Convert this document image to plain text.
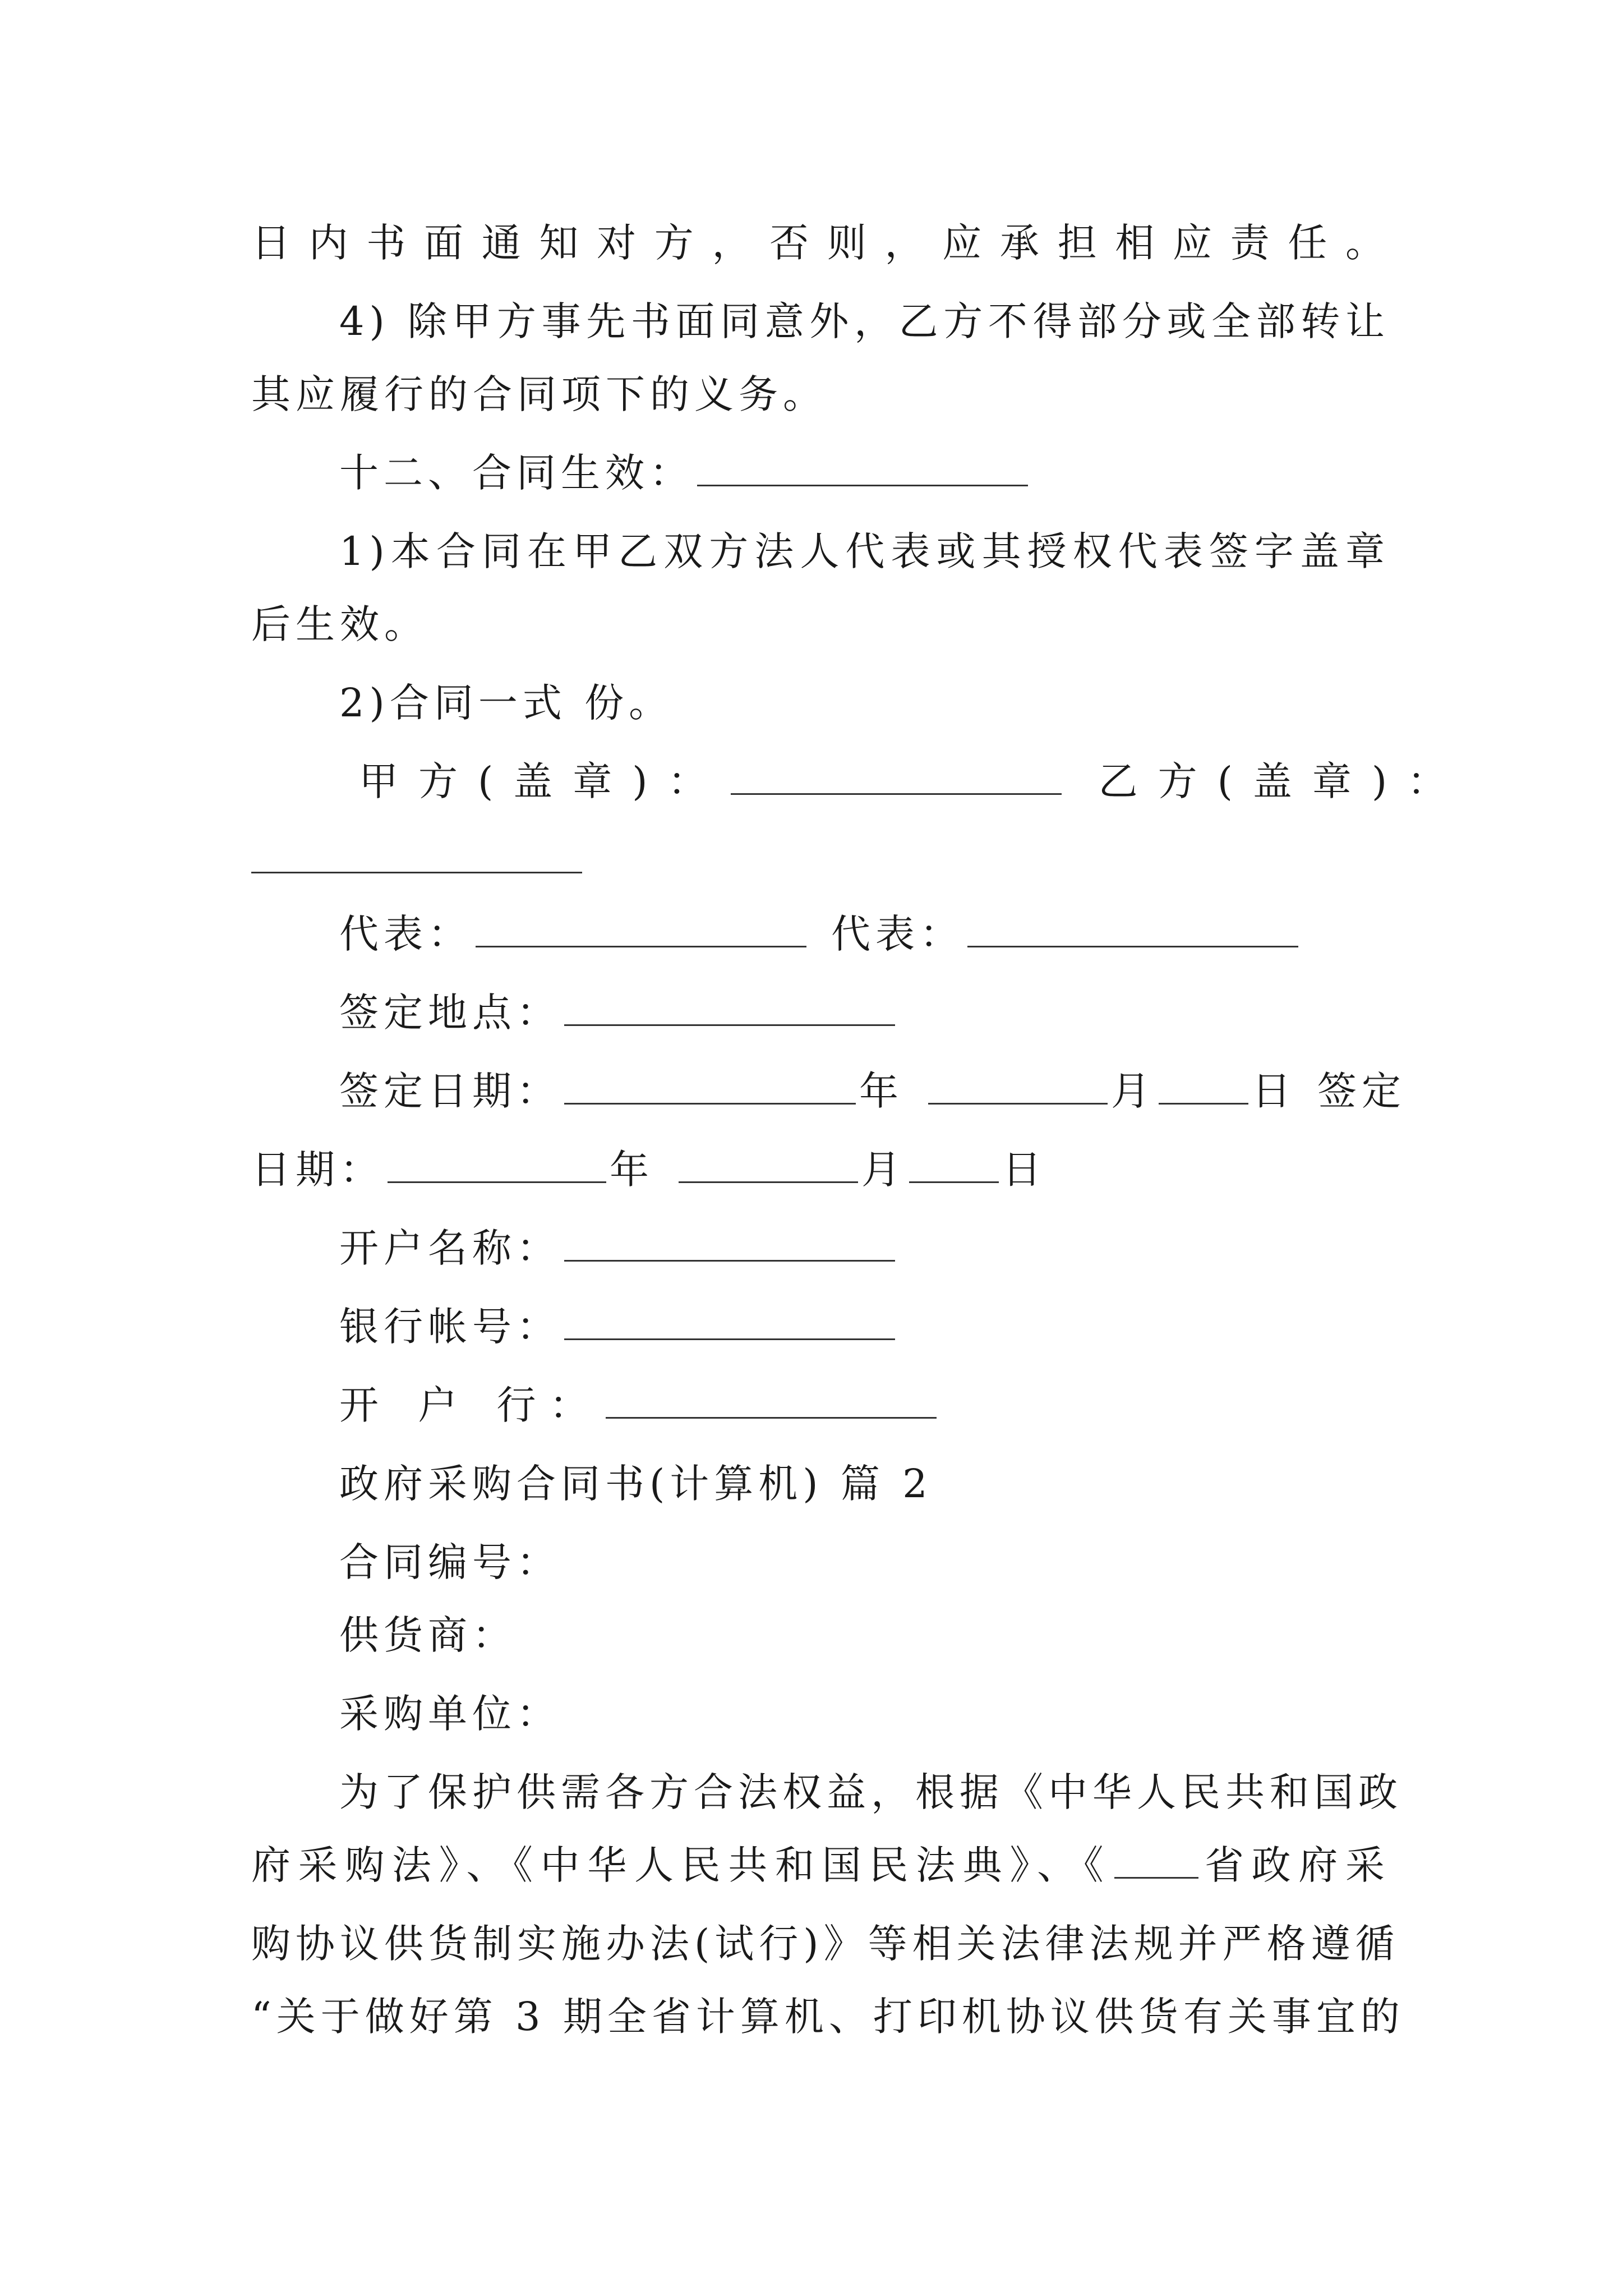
日内书面通知对方，否则，应承担相应责任。

4) 除甲方事先书面同意外，乙方不得部分或全部转让

其应履行的合同项下的义务。

十二、合同生效：

1)本合同在甲乙双方法人代表或其授权代表签字盖章

后生效。

2)合同一式 份。

甲方(盖章)：	乙方(盖章)：

代表：	代表：

签定地点：

签定日期：	年	月 日 签定

日期：	年	月 日

开户名称：

银行帐号：

开 户 行：

政府采购合同书(计算机) 篇 2

合同编号：

供货商：

采购单位：

为了保护供需各方合法权益，根据《中华人民共和国政

府采购法》、《中华人民共和国民法典》、《 省政府采

购协议供货制实施办法(试行)》等相关法律法规并严格遵循

“关于做好第 3 期全省计算机、打印机协议供货有关事宜的
